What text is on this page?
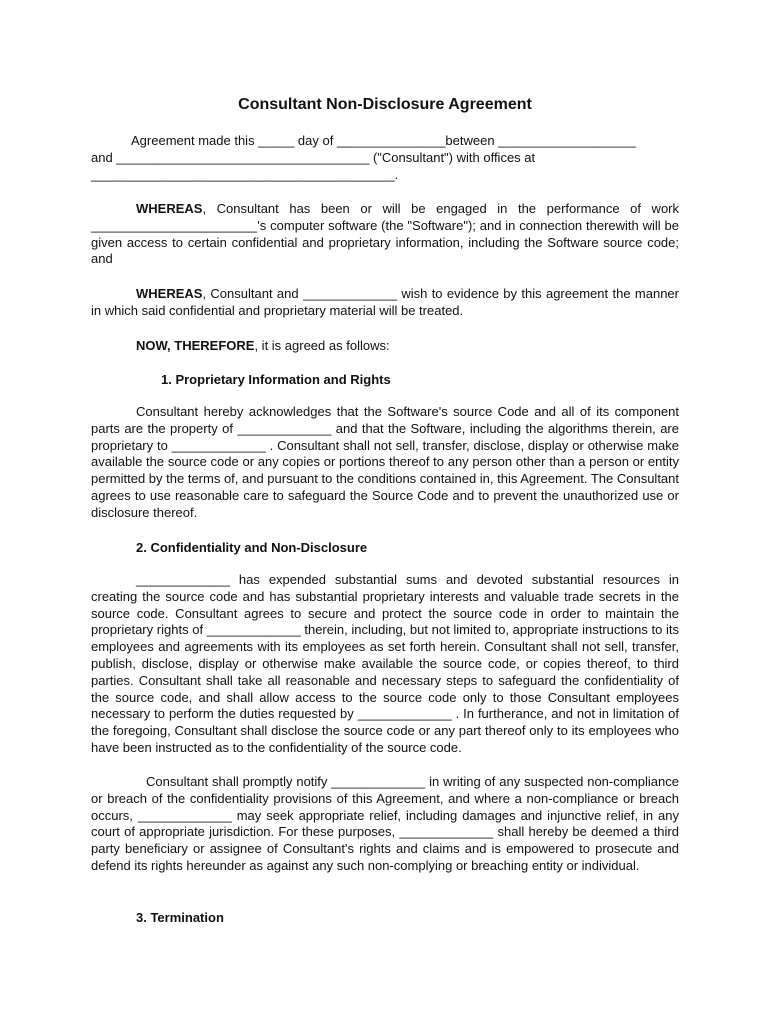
Consultant Non-Disclosure Agreement
Agreement made this _____ day of _______________between ___________________
and ___________________________________ ("Consultant") with offices at
__________________________________________.

WHEREAS, Consultant has been or will be engaged in the performance of work _______________________'s computer software (the "Software"); and in connection therewith will be given access to certain confidential and proprietary information, including the Software source code; and

WHEREAS, Consultant and _____________ wish to evidence by this agreement the manner in which said confidential and proprietary material will be treated.

NOW, THEREFORE, it is agreed as follows:

1. Proprietary Information and Rights

Consultant hereby acknowledges that the Software's source Code and all of its component parts are the property of _____________ and that the Software, including the algorithms therein, are proprietary to _____________ . Consultant shall not sell, transfer, disclose, display or otherwise make available the source code or any copies or portions thereof to any person other than a person or entity permitted by the terms of, and pursuant to the conditions contained in, this Agreement. The Consultant agrees to use reasonable care to safeguard the Source Code and to prevent the unauthorized use or disclosure thereof.

2. Confidentiality and Non-Disclosure

_____________ has expended substantial sums and devoted substantial resources in creating the source code and has substantial proprietary interests and valuable trade secrets in the source code. Consultant agrees to secure and protect the source code in order to maintain the proprietary rights of _____________ therein, including, but not limited to, appropriate instructions to its employees and agreements with its employees as set forth herein. Consultant shall not sell, transfer, publish, disclose, display or otherwise make available the source code, or copies thereof, to third parties. Consultant shall take all reasonable and necessary steps to safeguard the confidentiality of the source code, and shall allow access to the source code only to those Consultant employees necessary to perform the duties requested by _____________ . In furtherance, and not in limitation of the foregoing, Consultant shall disclose the source code or any part thereof only to its employees who have been instructed as to the confidentiality of the source code.

Consultant shall promptly notify _____________ in writing of any suspected non-compliance or breach of the confidentiality provisions of this Agreement, and where a non-compliance or breach occurs, _____________ may seek appropriate relief, including damages and injunctive relief, in any court of appropriate jurisdiction. For these purposes, _____________ shall hereby be deemed a third party beneficiary or assignee of Consultant's rights and claims and is empowered to prosecute and defend its rights hereunder as against any such non-complying or breaching entity or individual.

3. Termination
